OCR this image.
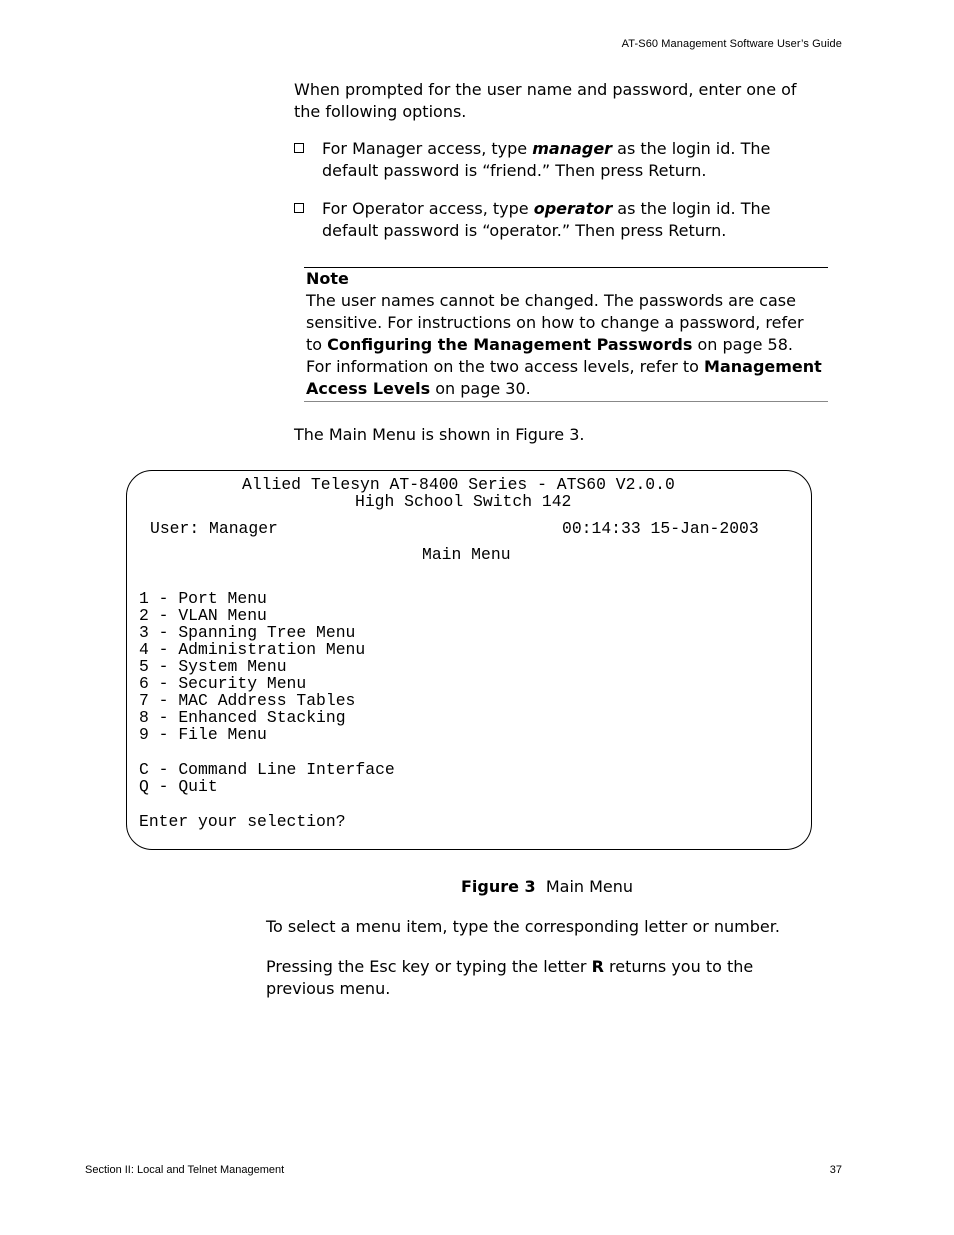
AT-S60 Management Software User’s Guide
When prompted for the user name and password, enter one of the following options.
For Manager access, type manager as the login id. The default password is “friend.” Then press Return.
For Operator access, type operator as the login id. The default password is “operator.” Then press Return.
Note
The user names cannot be changed. The passwords are case sensitive. For instructions on how to change a password, refer to Configuring the Management Passwords on page 58.
For information on the two access levels, refer to Management Access Levels on page 30.
The Main Menu is shown in Figure 3.
Allied Telesyn AT-8400 Series - ATS60 V2.0.0
High School Switch 142
User: Manager	00:14:33 15-Jan-2003
Main Menu
1 - Port Menu
2 - VLAN Menu
3 - Spanning Tree Menu
4 - Administration Menu
5 - System Menu
6 - Security Menu
7 - MAC Address Tables
8 - Enhanced Stacking
9 - File Menu
C - Command Line Interface
Q - Quit
Enter your selection?
Figure 3 Main Menu
To select a menu item, type the corresponding letter or number.
Pressing the Esc key or typing the letter R returns you to the previous menu.
Section II: Local and Telnet Management	37
